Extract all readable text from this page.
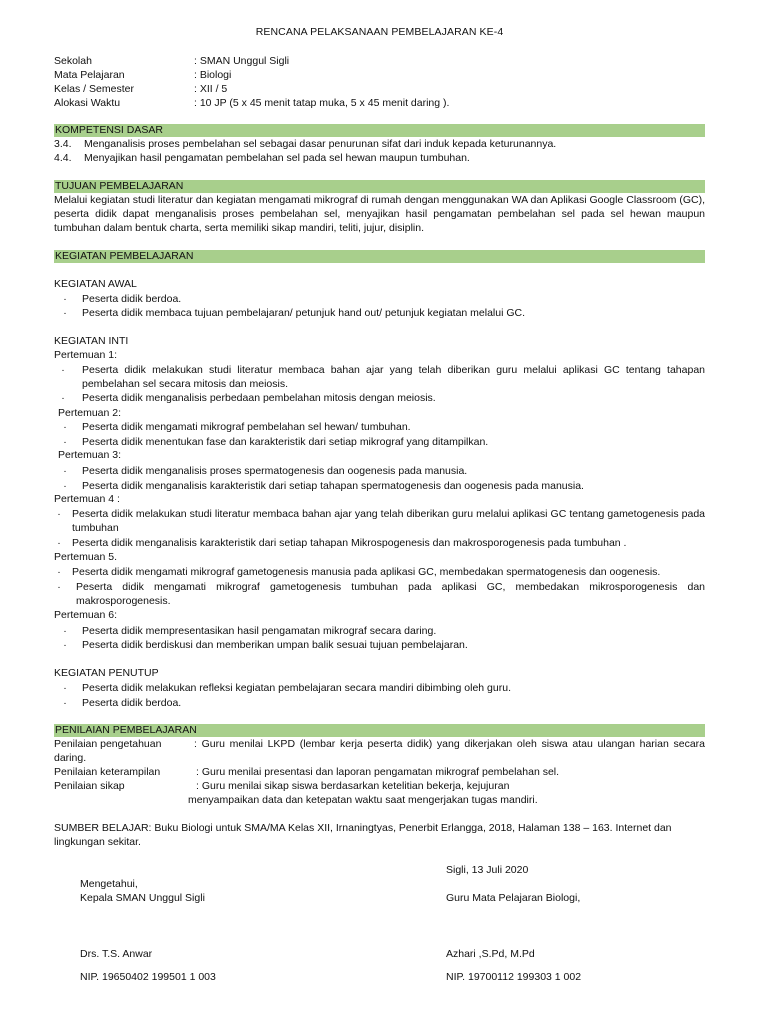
RENCANA PELAKSANAAN PEMBELAJARAN KE-4
Sekolah	: SMAN Unggul Sigli
Mata Pelajaran	: Biologi
Kelas / Semester	: XII / 5
Alokasi Waktu	: 10 JP (5 x 45 menit tatap muka, 5 x 45 menit daring ).
KOMPETENSI DASAR
3.4. Menganalisis proses pembelahan sel sebagai dasar penurunan sifat dari induk kepada keturunannya.
4.4. Menyajikan hasil pengamatan pembelahan sel pada sel hewan maupun tumbuhan.
TUJUAN PEMBELAJARAN
Melalui kegiatan studi literatur dan kegiatan mengamati mikrograf di rumah dengan menggunakan WA dan Aplikasi Google Classroom (GC), peserta didik dapat menganalisis proses pembelahan sel, menyajikan hasil pengamatan pembelahan sel pada sel hewan maupun tumbuhan dalam bentuk charta, serta memiliki sikap mandiri, teliti, jujur, disiplin.
KEGIATAN PEMBELAJARAN
KEGIATAN AWAL
·	Peserta didik berdoa.
·	Peserta didik membaca tujuan pembelajaran/ petunjuk hand out/ petunjuk kegiatan melalui GC.
KEGIATAN INTI
Pertemuan 1:
·	Peserta didik melakukan studi literatur membaca bahan ajar yang telah diberikan guru melalui aplikasi GC tentang tahapan pembelahan sel secara mitosis dan meiosis.
·	Peserta didik menganalisis perbedaan pembelahan mitosis dengan meiosis.
Pertemuan 2:
·	Peserta didik mengamati mikrograf pembelahan sel hewan/ tumbuhan.
·	Peserta didik menentukan fase dan karakteristik dari setiap mikrograf yang ditampilkan.
Pertemuan 3:
·	Peserta didik menganalisis proses spermatogenesis dan oogenesis pada manusia.
·	Peserta didik menganalisis karakteristik dari setiap tahapan spermatogenesis dan oogenesis pada manusia.
Pertemuan 4 :
·	Peserta didik melakukan studi literatur membaca bahan ajar yang telah diberikan guru melalui aplikasi GC tentang gametogenesis pada tumbuhan
·	Peserta didik menganalisis karakteristik dari setiap tahapan Mikrospogenesis dan makrosporogenesis pada tumbuhan .
Pertemuan 5.
·	Peserta didik mengamati mikrograf gametogenesis manusia pada aplikasi GC, membedakan spermatogenesis dan oogenesis.
·	Peserta didik mengamati mikrograf gametogenesis tumbuhan pada aplikasi GC, membedakan mikrosporogenesis dan makrosporogenesis.
Pertemuan 6:
·	Peserta didik mempresentasikan hasil pengamatan mikrograf secara daring.
·	Peserta didik berdiskusi dan memberikan umpan balik sesuai tujuan pembelajaran.
KEGIATAN PENUTUP
·	Peserta didik melakukan refleksi kegiatan pembelajaran secara mandiri dibimbing oleh guru.
·	Peserta didik berdoa.
PENILAIAN PEMBELAJARAN
Penilaian pengetahuan	: Guru menilai LKPD (lembar kerja peserta didik) yang dikerjakan oleh siswa atau ulangan harian secara daring.
Penilaian keterampilan	: Guru menilai presentasi dan laporan pengamatan mikrograf pembelahan sel.
Penilaian sikap	: Guru menilai sikap siswa berdasarkan ketelitian bekerja, kejujuran
menyampaikan data dan ketepatan waktu saat mengerjakan tugas mandiri.
SUMBER BELAJAR: Buku Biologi untuk SMA/MA Kelas XII, Irnaningtyas, Penerbit Erlangga, 2018, Halaman 138 – 163. Internet dan lingkungan sekitar.
Sigli, 13 Juli 2020
Mengetahui,
Kepala SMAN Unggul Sigli	Guru Mata Pelajaran Biologi,
Drs. T.S. Anwar	Azhari ,S.Pd, M.Pd
NIP. 19650402 199501 1 003	NIP. 19700112 199303 1 002
